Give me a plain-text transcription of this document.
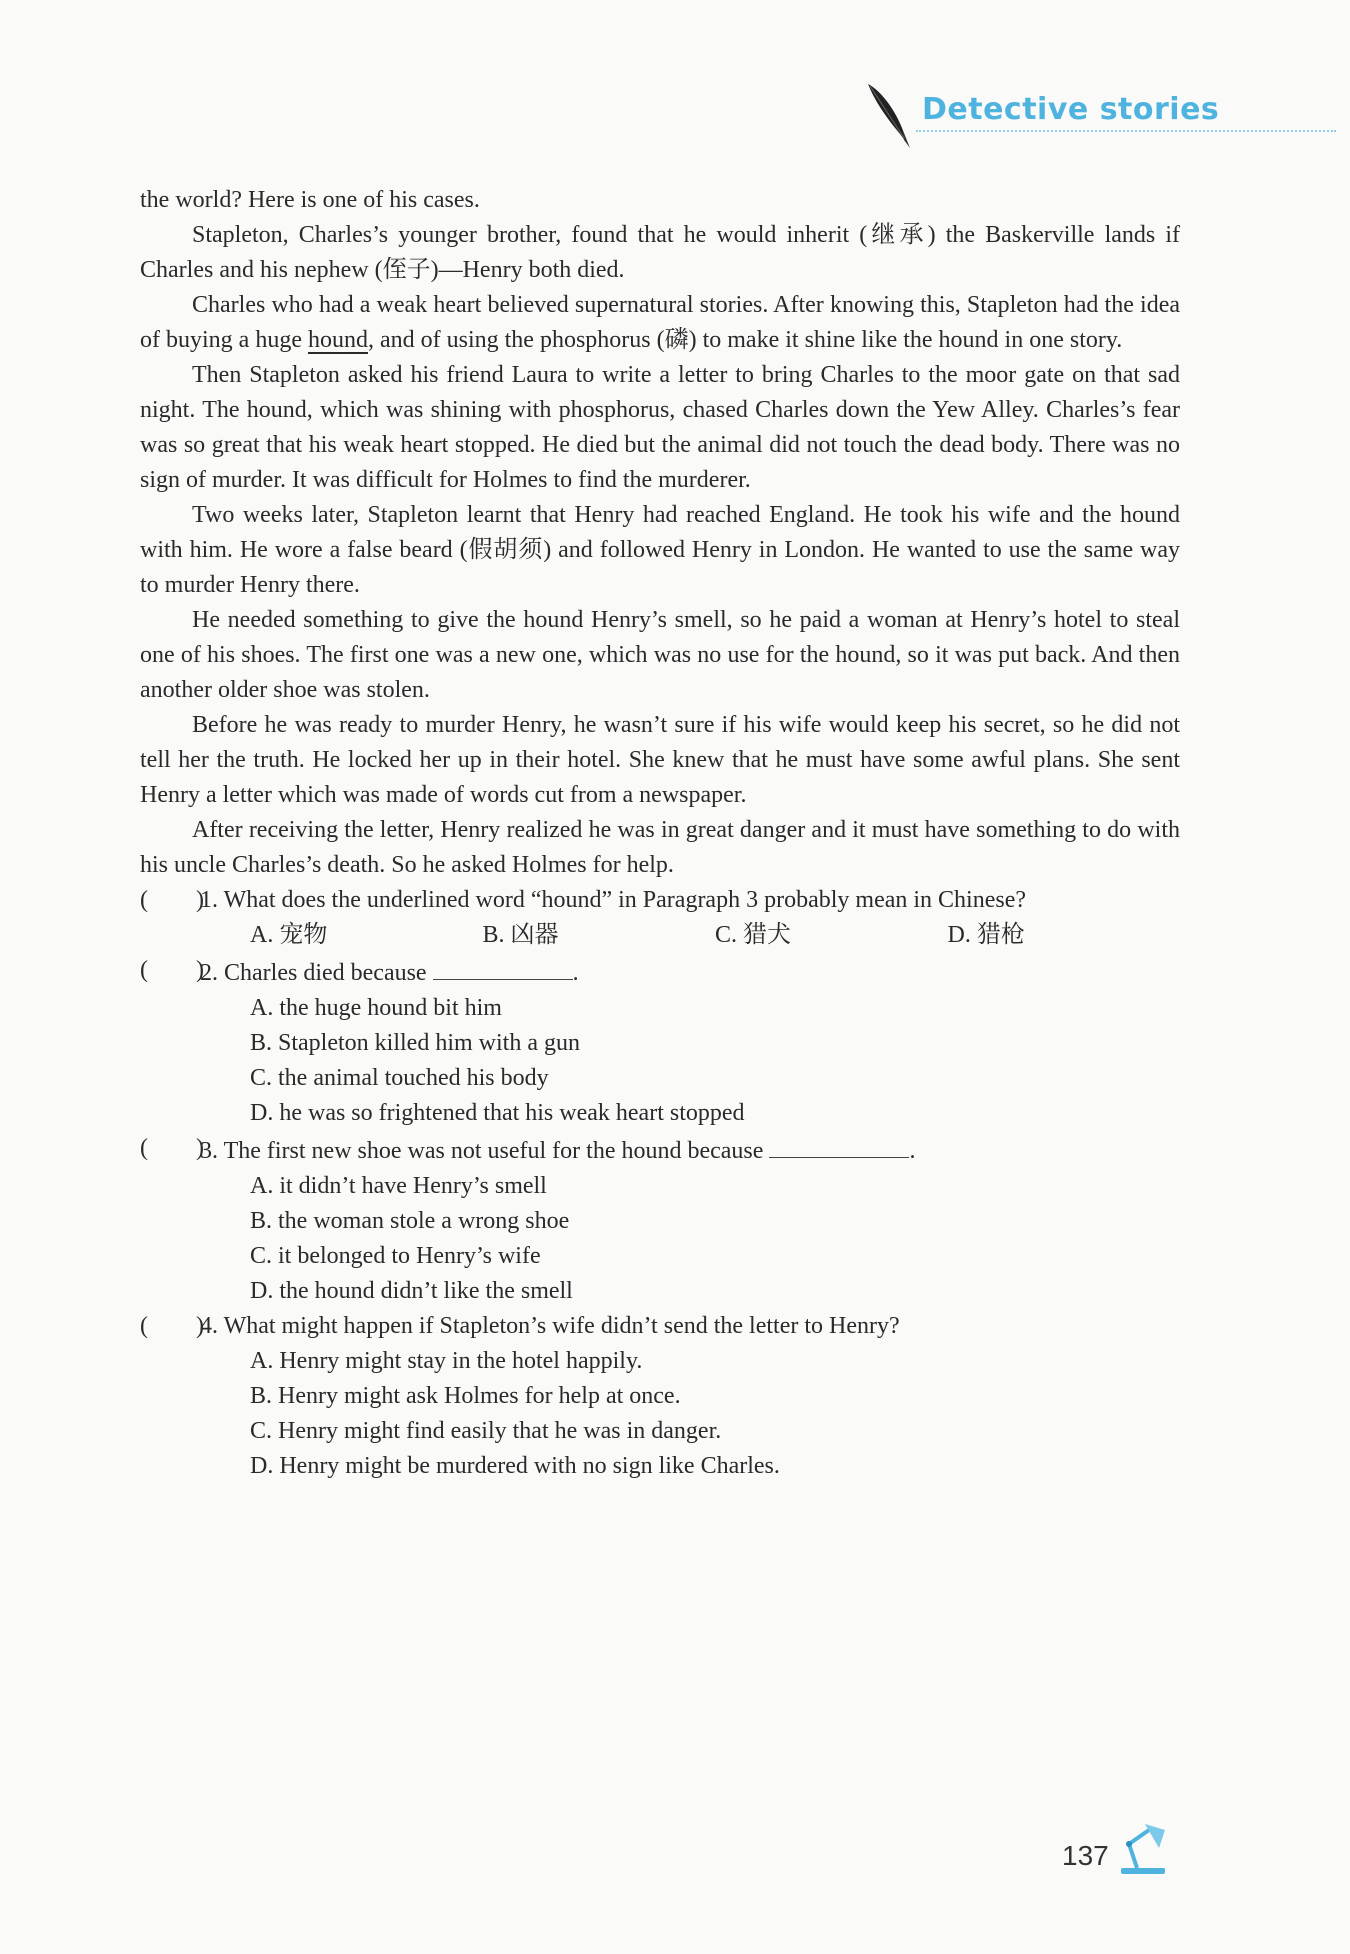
Detective stories

the world? Here is one of his cases.

Stapleton, Charles’s younger brother, found that he would inherit (继承) the Baskerville lands if Charles and his nephew (侄子)—Henry both died.

Charles who had a weak heart believed supernatural stories. After knowing this, Stapleton had the idea of buying a huge hound, and of using the phosphorus (磷) to make it shine like the hound in one story.

Then Stapleton asked his friend Laura to write a letter to bring Charles to the moor gate on that sad night. The hound, which was shining with phosphorus, chased Charles down the Yew Alley. Charles’s fear was so great that his weak heart stopped. He died but the animal did not touch the dead body. There was no sign of murder. It was difficult for Holmes to find the murderer.

Two weeks later, Stapleton learnt that Henry had reached England. He took his wife and the hound with him. He wore a false beard (假胡须) and followed Henry in London. He wanted to use the same way to murder Henry there.

He needed something to give the hound Henry’s smell, so he paid a woman at Henry’s hotel to steal one of his shoes. The first one was a new one, which was no use for the hound, so it was put back. And then another older shoe was stolen.

Before he was ready to murder Henry, he wasn’t sure if his wife would keep his secret, so he did not tell her the truth. He locked her up in their hotel. She knew that he must have some awful plans. She sent Henry a letter which was made of words cut from a newspaper.

After receiving the letter, Henry realized he was in great danger and it must have something to do with his uncle Charles’s death. So he asked Holmes for help.

(        )
1. What does the underlined word “hound” in Paragraph 3 probably mean in Chinese?
A. 宠物	B. 凶器	C. 猎犬	D. 猎枪
(        )
2. Charles died because	.
A. the huge hound bit him
B. Stapleton killed him with a gun
C. the animal touched his body
D. he was so frightened that his weak heart stopped
(        )
3. The first new shoe was not useful for the hound because	.
A. it didn’t have Henry’s smell
B. the woman stole a wrong shoe
C. it belonged to Henry’s wife
D. the hound didn’t like the smell
(        )
4. What might happen if Stapleton’s wife didn’t send the letter to Henry?
A. Henry might stay in the hotel happily.
B. Henry might ask Holmes for help at once.
C. Henry might find easily that he was in danger.
D. Henry might be murdered with no sign like Charles.
137
